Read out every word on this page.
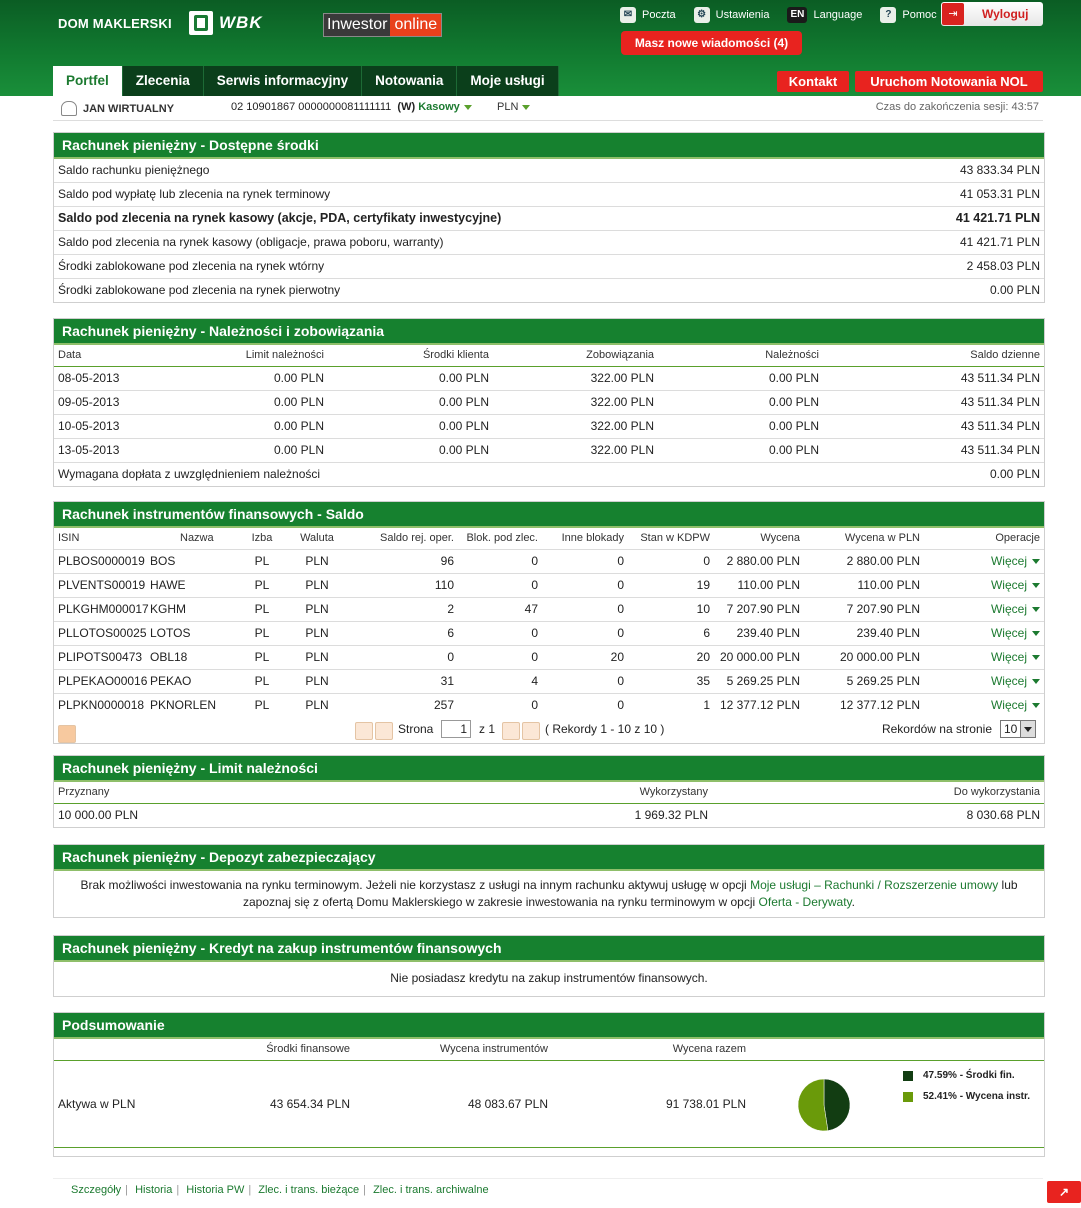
DOM MAKLERSKI	WBK	Inwestor online
✉ Poczta	⚙ Ustawienia	EN Language	? Pomoc	⇥	Wyloguj
Masz nowe wiadomości (4)
Portfel	Zlecenia	Serwis informacyjny	Notowania	Moje usługi	Kontakt	Uruchom Notowania NOL
JAN WIRTUALNY	02 10901867 0000000081111111 (W) Kasowy	PLN	Czas do zakończenia sesji: 43:57
Rachunek pieniężny - Dostępne środki
Saldo rachunku pieniężnego	43 833.34 PLN
Saldo pod wypłatę lub zlecenia na rynek terminowy	41 053.31 PLN
Saldo pod zlecenia na rynek kasowy (akcje, PDA, certyfikaty inwestycyjne)	41 421.71 PLN
Saldo pod zlecenia na rynek kasowy (obligacje, prawa poboru, warranty)	41 421.71 PLN
Środki zablokowane pod zlecenia na rynek wtórny	2 458.03 PLN
Środki zablokowane pod zlecenia na rynek pierwotny	0.00 PLN
Rachunek pieniężny - Należności i zobowiązania
Data	Limit należności	Środki klienta	Zobowiązania	Należności	Saldo dzienne
08-05-2013	0.00 PLN	0.00 PLN	322.00 PLN	0.00 PLN	43 511.34 PLN
09-05-2013	0.00 PLN	0.00 PLN	322.00 PLN	0.00 PLN	43 511.34 PLN
10-05-2013	0.00 PLN	0.00 PLN	322.00 PLN	0.00 PLN	43 511.34 PLN
13-05-2013	0.00 PLN	0.00 PLN	322.00 PLN	0.00 PLN	43 511.34 PLN
Wymagana dopłata z uwzględnieniem należności	0.00 PLN
Rachunek instrumentów finansowych - Saldo
ISIN	Nazwa	Izba	Waluta	Saldo rej. oper.	Blok. pod zlec.	Inne blokady	Stan w KDPW	Wycena	Wycena w PLN	Operacje
PLBOS0000019 BOS	PL	PLN	96	0	0	0	2 880.00 PLN	2 880.00 PLN	Więcej
PLVENTS00019 HAWE	PL	PLN	110	0	0	19	110.00 PLN	110.00 PLN	Więcej
PLKGHM000017 KGHM	PL	PLN	2	47	0	10	7 207.90 PLN	7 207.90 PLN	Więcej
PLLOTOS00025 LOTOS	PL	PLN	6	0	0	6	239.40 PLN	239.40 PLN	Więcej
PLIPOTS00473 OBL18	PL	PLN	0	0	20	20 20 000.00 PLN	20 000.00 PLN	Więcej
PLPEKAO00016 PEKAO	PL	PLN	31	4	0	35	5 269.25 PLN	5 269.25 PLN	Więcej
PLPKN0000018 PKNORLEN	PL	PLN	257	0	0	1 12 377.12 PLN	12 377.12 PLN	Więcej
Strona	1	z 1	( Rekordy 1 - 10 z 10 )	Rekordów na stronie	10
Rachunek pieniężny - Limit należności
Przyznany	Wykorzystany	Do wykorzystania
10 000.00 PLN	1 969.32 PLN	8 030.68 PLN
Rachunek pieniężny - Depozyt zabezpieczający
Brak możliwości inwestowania na rynku terminowym. Jeżeli nie korzystasz z usługi na innym rachunku aktywuj usługę w opcji Moje usługi – Rachunki / Rozszerzenie umowy lub zapoznaj się z ofertą Domu Maklerskiego w zakresie inwestowania na rynku terminowym w opcji Oferta - Derywaty.
Rachunek pieniężny - Kredyt na zakup instrumentów finansowych
Nie posiadasz kredytu na zakup instrumentów finansowych.
Podsumowanie
Środki finansowe	Wycena instrumentów	Wycena razem
Aktywa w PLN	43 654.34 PLN	48 083.67 PLN	91 738.01 PLN
47.59% - Środki fin.
52.41% - Wycena instr.
Szczegóły | Historia | Historia PW | Zlec. i trans. bieżące | Zlec. i trans. archiwalne	↗
